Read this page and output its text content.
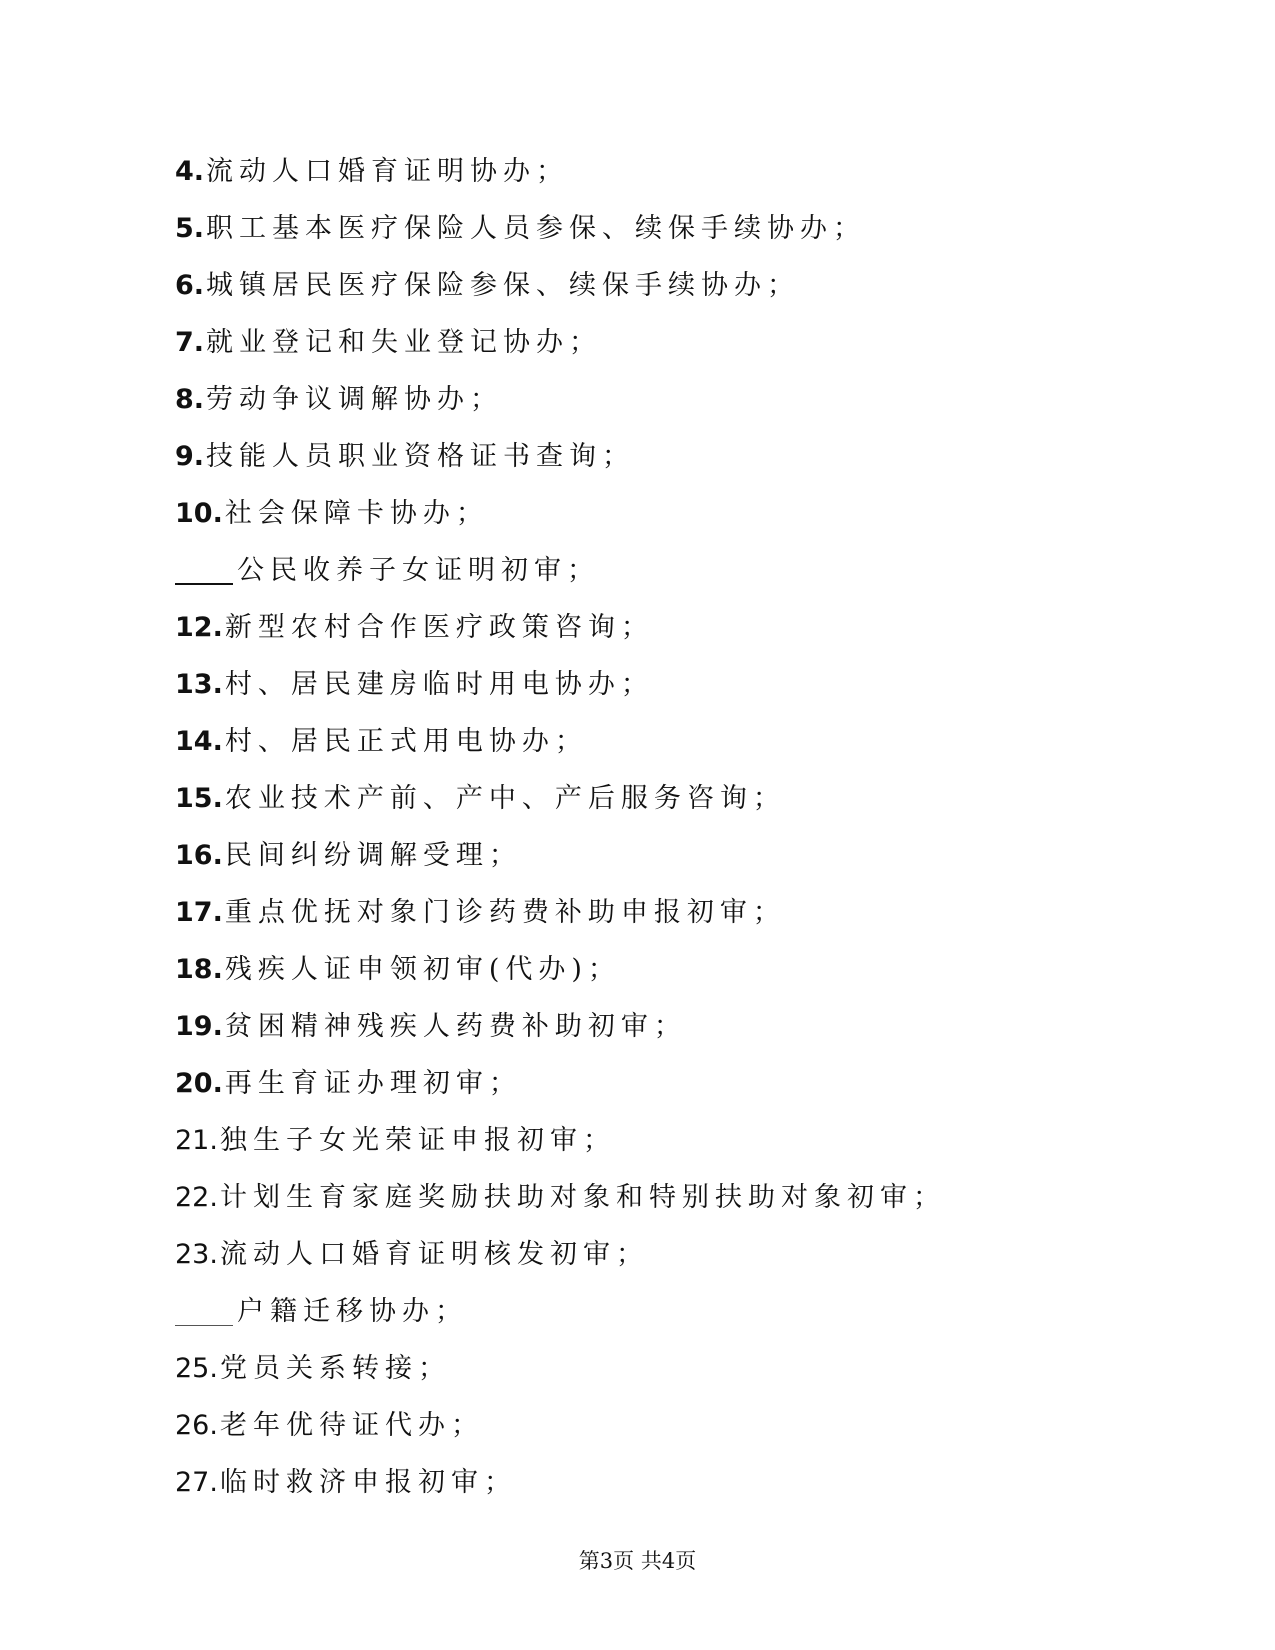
4.流动人口婚育证明协办；
5.职工基本医疗保险人员参保、续保手续协办；
6.城镇居民医疗保险参保、续保手续协办；
7.就业登记和失业登记协办；
8.劳动争议调解协办；
9.技能人员职业资格证书查询；
10.社会保障卡协办；
公民收养子女证明初审；
12.新型农村合作医疗政策咨询；
13.村、居民建房临时用电协办；
14.村、居民正式用电协办；
15.农业技术产前、产中、产后服务咨询；
16.民间纠纷调解受理；
17.重点优抚对象门诊药费补助申报初审；
18.残疾人证申领初审(代办)；
19.贫困精神残疾人药费补助初审；
20.再生育证办理初审；
21.独生子女光荣证申报初审；
22.计划生育家庭奖励扶助对象和特别扶助对象初审；
23.流动人口婚育证明核发初审；
户籍迁移协办；
25.党员关系转接；
26.老年优待证代办；
27.临时救济申报初审；
第3页 共4页
